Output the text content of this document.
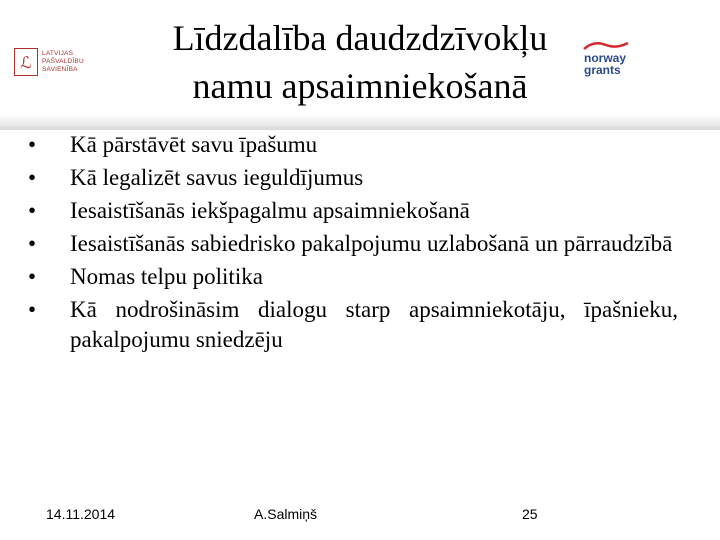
ℒ	LATVIJAS
PAŠVALDĪBU
SAVIENĪBA
Līdzdalība daudzdzīvokļu
namu apsaimniekošanā
norway
grants
• Kā pārstāvēt savu īpašumu
• Kā legalizēt savus ieguldījumus
• Iesaistīšanās iekšpagalmu apsaimniekošanā
• Iesaistīšanās sabiedrisko pakalpojumu uzlabošanā un pārraudzībā
• Nomas telpu politika
• Kā nodrošināsim dialogu starp apsaimniekotāju, īpašnieku, pakalpojumu sniedzēju
14.11.2014	A.Salmiņš	25
